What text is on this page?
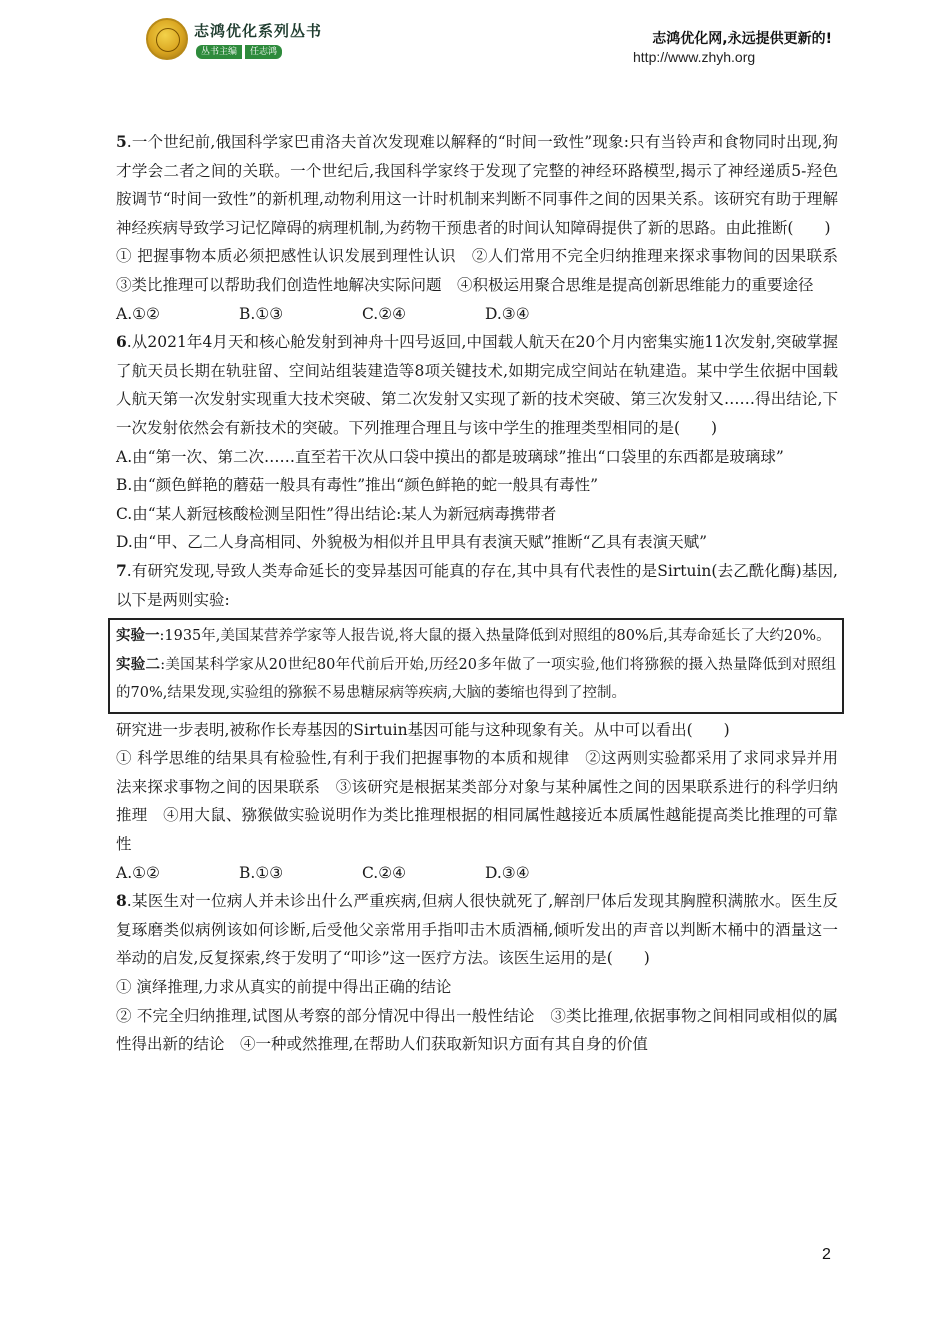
志鸿优化系列丛书
丛书主编 任志鸿
志鸿优化网,永远提供更新的!
http://www.zhyh.org

5.一个世纪前,俄国科学家巴甫洛夫首次发现难以解释的“时间一致性”现象:只有当铃声和食物同时出现,狗才学会二者之间的关联。一个世纪后,我国科学家终于发现了完整的神经环路模型,揭示了神经递质5-羟色胺调节“时间一致性”的新机理,动物利用这一计时机制来判断不同事件之间的因果关系。该研究有助于理解神经疾病导致学习记忆障碍的病理机制,为药物干预患者的时间认知障碍提供了新的思路。由此推断(　　)

① 把握事物本质必须把感性认识发展到理性认识　②人们常用不完全归纳推理来探求事物间的因果联系　③类比推理可以帮助我们创造性地解决实际问题　④积极运用聚合思维是提高创新思维能力的重要途径

A.①②	B.①③	C.②④	D.③④

6.从2021年4月天和核心舱发射到神舟十四号返回,中国载人航天在20个月内密集实施11次发射,突破掌握了航天员长期在轨驻留、空间站组装建造等8项关键技术,如期完成空间站在轨建造。某中学生依据中国载人航天第一次发射实现重大技术突破、第二次发射又实现了新的技术突破、第三次发射又……得出结论,下一次发射依然会有新技术的突破。下列推理合理且与该中学生的推理类型相同的是(　　)

A.由“第一次、第二次……直至若干次从口袋中摸出的都是玻璃球”推出“口袋里的东西都是玻璃球”

B.由“颜色鲜艳的蘑菇一般具有毒性”推出“颜色鲜艳的蛇一般具有毒性”

C.由“某人新冠核酸检测呈阳性”得出结论:某人为新冠病毒携带者

D.由“甲、乙二人身高相同、外貌极为相似并且甲具有表演天赋”推断“乙具有表演天赋”

7.有研究发现,导致人类寿命延长的变异基因可能真的存在,其中具有代表性的是Sirtuin(去乙酰化酶)基因,以下是两则实验:

实验一:1935年,美国某营养学家等人报告说,将大鼠的摄入热量降低到对照组的80%后,其寿命延长了大约20%。

实验二:美国某科学家从20世纪80年代前后开始,历经20多年做了一项实验,他们将猕猴的摄入热量降低到对照组的70%,结果发现,实验组的猕猴不易患糖尿病等疾病,大脑的萎缩也得到了控制。

研究进一步表明,被称作长寿基因的Sirtuin基因可能与这种现象有关。从中可以看出(　　)

① 科学思维的结果具有检验性,有利于我们把握事物的本质和规律　②这两则实验都采用了求同求异并用法来探求事物之间的因果联系　③该研究是根据某类部分对象与某种属性之间的因果联系进行的科学归纳推理　④用大鼠、猕猴做实验说明作为类比推理根据的相同属性越接近本质属性越能提高类比推理的可靠性

A.①②	B.①③	C.②④	D.③④

8.某医生对一位病人并未诊出什么严重疾病,但病人很快就死了,解剖尸体后发现其胸膛积满脓水。医生反复琢磨类似病例该如何诊断,后受他父亲常用手指叩击木质酒桶,倾听发出的声音以判断木桶中的酒量这一举动的启发,反复探索,终于发明了“叩诊”这一医疗方法。该医生运用的是(　　)

① 演绎推理,力求从真实的前提中得出正确的结论

② 不完全归纳推理,试图从考察的部分情况中得出一般性结论　③类比推理,依据事物之间相同或相似的属性得出新的结论　④一种或然推理,在帮助人们获取新知识方面有其自身的价值

2
